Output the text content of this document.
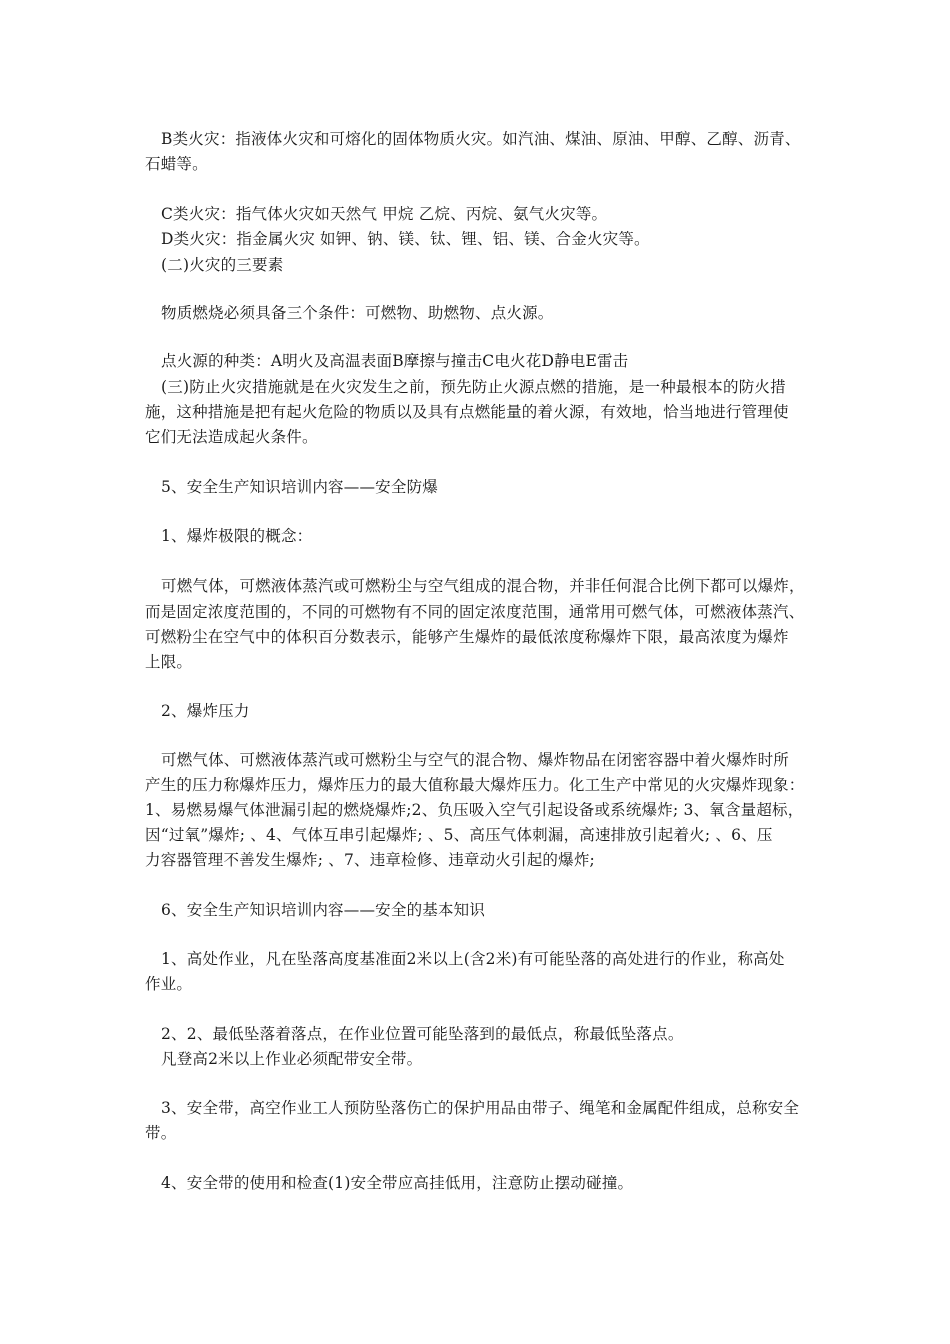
B类火灾：指液体火灾和可熔化的固体物质火灾。如汽油、煤油、原油、甲醇、乙醇、沥青、
石蜡等。
C类火灾：指气体火灾如天然气 甲烷 乙烷、丙烷、氨气火灾等。
D类火灾：指金属火灾 如钾、钠、镁、钛、锂、铝、镁、合金火灾等。
(二)火灾的三要素
物质燃烧必须具备三个条件：可燃物、助燃物、点火源。
点火源的种类：A明火及高温表面B摩擦与撞击C电火花D静电E雷击
(三)防止火灾措施就是在火灾发生之前，预先防止火源点燃的措施，是一种最根本的防火措
施，这种措施是把有起火危险的物质以及具有点燃能量的着火源，有效地，恰当地进行管理使
它们无法造成起火条件。
5、安全生产知识培训内容——安全防爆
1、爆炸极限的概念：
可燃气体，可燃液体蒸汽或可燃粉尘与空气组成的混合物，并非任何混合比例下都可以爆炸，
而是固定浓度范围的，不同的可燃物有不同的固定浓度范围，通常用可燃气体，可燃液体蒸汽、
可燃粉尘在空气中的体积百分数表示，能够产生爆炸的最低浓度称爆炸下限，最高浓度为爆炸
上限。
2、爆炸压力
可燃气体、可燃液体蒸汽或可燃粉尘与空气的混合物、爆炸物品在闭密容器中着火爆炸时所
产生的压力称爆炸压力，爆炸压力的最大值称最大爆炸压力。化工生产中常见的火灾爆炸现象：
1、易燃易爆气体泄漏引起的燃烧爆炸;2、负压吸入空气引起设备或系统爆炸; 3、氧含量超标，
因“过氧”爆炸; 、4、气体互串引起爆炸; 、5、高压气体刺漏，高速排放引起着火; 、6、压
力容器管理不善发生爆炸; 、7、违章检修、违章动火引起的爆炸;
6、安全生产知识培训内容——安全的基本知识
1、高处作业，凡在坠落高度基准面2米以上(含2米)有可能坠落的高处进行的作业，称高处
作业。
2、2、最低坠落着落点，在作业位置可能坠落到的最低点，称最低坠落点。
凡登高2米以上作业必须配带安全带。
3、安全带，高空作业工人预防坠落伤亡的保护用品由带子、绳笔和金属配件组成，总称安全
带。
4、安全带的使用和检查(1)安全带应高挂低用，注意防止摆动碰撞。
